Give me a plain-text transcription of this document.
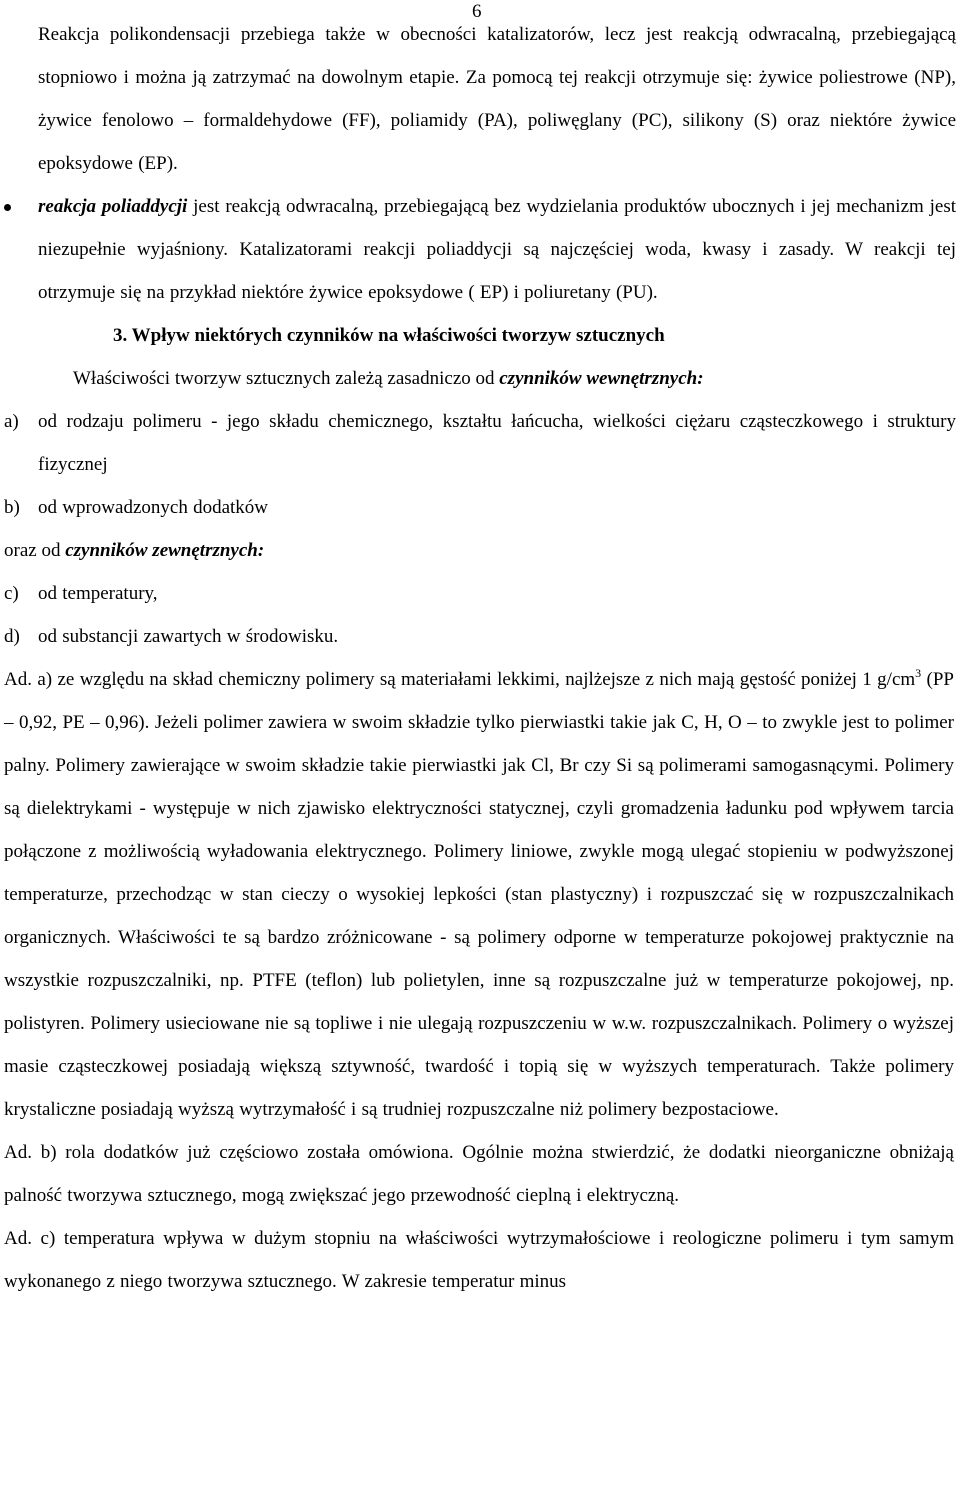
6

Reakcja polikondensacji przebiega także w obecności katalizatorów, lecz jest reakcją odwracalną, przebiegającą stopniowo i można ją zatrzymać na dowolnym etapie. Za pomocą tej reakcji otrzymuje się: żywice poliestrowe (NP), żywice fenolowo – formaldehydowe (FF), poliamidy (PA), poliwęglany (PC), silikony (S) oraz niektóre żywice epoksydowe (EP).

reakcja poliaddycji jest reakcją odwracalną, przebiegającą bez wydzielania produktów ubocznych i jej mechanizm jest niezupełnie wyjaśniony. Katalizatorami reakcji poliaddycji są najczęściej woda, kwasy i zasady. W reakcji tej otrzymuje się na przykład niektóre żywice epoksydowe ( EP) i poliuretany (PU).

3. Wpływ niektórych czynników na właściwości tworzyw sztucznych

Właściwości tworzyw sztucznych zależą zasadniczo od czynników wewnętrznych:

a) od rodzaju polimeru - jego składu chemicznego, kształtu łańcucha, wielkości ciężaru cząsteczkowego i struktury fizycznej
b) od wprowadzonych dodatków

oraz od czynników zewnętrznych:

c) od temperatury,
d) od substancji zawartych w środowisku.

Ad. a) ze względu na skład chemiczny polimery są materiałami lekkimi, najlżejsze z nich mają gęstość poniżej 1 $g/cm^3$ (PP – 0,92, PE – 0,96). Jeżeli polimer zawiera w swoim składzie tylko pierwiastki takie jak C, H, O – to zwykle jest to polimer palny. Polimery zawierające w swoim składzie takie pierwiastki jak Cl, Br czy Si są polimerami samogasnącymi. Polimery są dielektrykami - występuje w nich zjawisko elektryczności statycznej, czyli gromadzenia ładunku pod wpływem tarcia połączone z możliwością wyładowania elektrycznego. Polimery liniowe, zwykle mogą ulegać stopieniu w podwyższonej temperaturze, przechodząc w stan cieczy o wysokiej lepkości (stan plastyczny) i rozpuszczać się w rozpuszczalnikach organicznych. Właściwości te są bardzo zróżnicowane - są polimery odporne w temperaturze pokojowej praktycznie na wszystkie rozpuszczalniki, np. PTFE (teflon) lub polietylen, inne są rozpuszczalne już w temperaturze pokojowej, np. polistyren. Polimery usieciowane nie są topliwe i nie ulegają rozpuszczeniu w w.w. rozpuszczalnikach. Polimery o wyższej masie cząsteczkowej posiadają większą sztywność, twardość i topią się w wyższych temperaturach. Także polimery krystaliczne posiadają wyższą wytrzymałość i są trudniej rozpuszczalne niż polimery bezpostaciowe.

Ad. b) rola dodatków już częściowo została omówiona. Ogólnie można stwierdzić, że dodatki nieorganiczne obniżają palność tworzywa sztucznego, mogą zwiększać jego przewodność cieplną i elektryczną.

Ad. c) temperatura wpływa w dużym stopniu na właściwości wytrzymałościowe i reologiczne polimeru i tym samym wykonanego z niego tworzywa sztucznego. W zakresie temperatur minus
